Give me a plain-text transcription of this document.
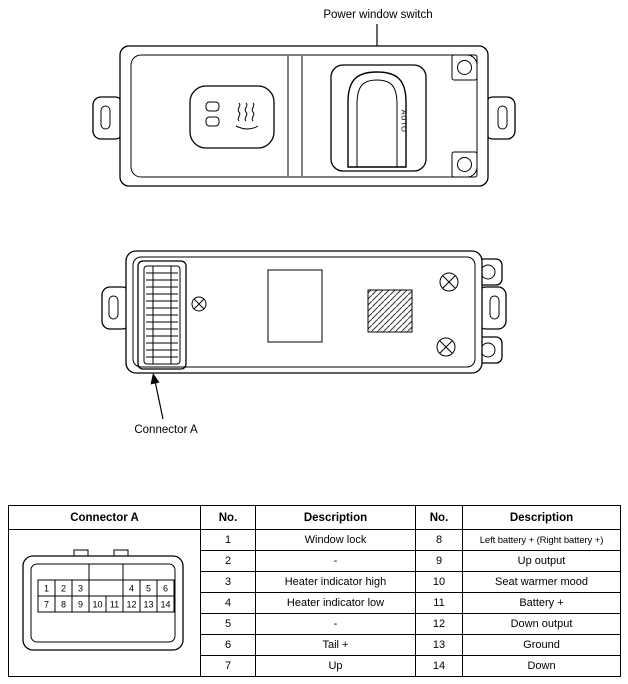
Power window switch
AUTO
Connector A
Connector A	No.	Description	No.	Description

1 2 3	4 5 6
7 8 9 10 11 12 13 14
	1	Window lock	8	Left battery + (Right battery +)
	2	-	9	Up output
	3	Heater indicator high	10	Seat warmer mood
	4	Heater indicator low	11	Battery +
	5	-	12	Down output
	6	Tail +	13	Ground
	7	Up	14	Down
